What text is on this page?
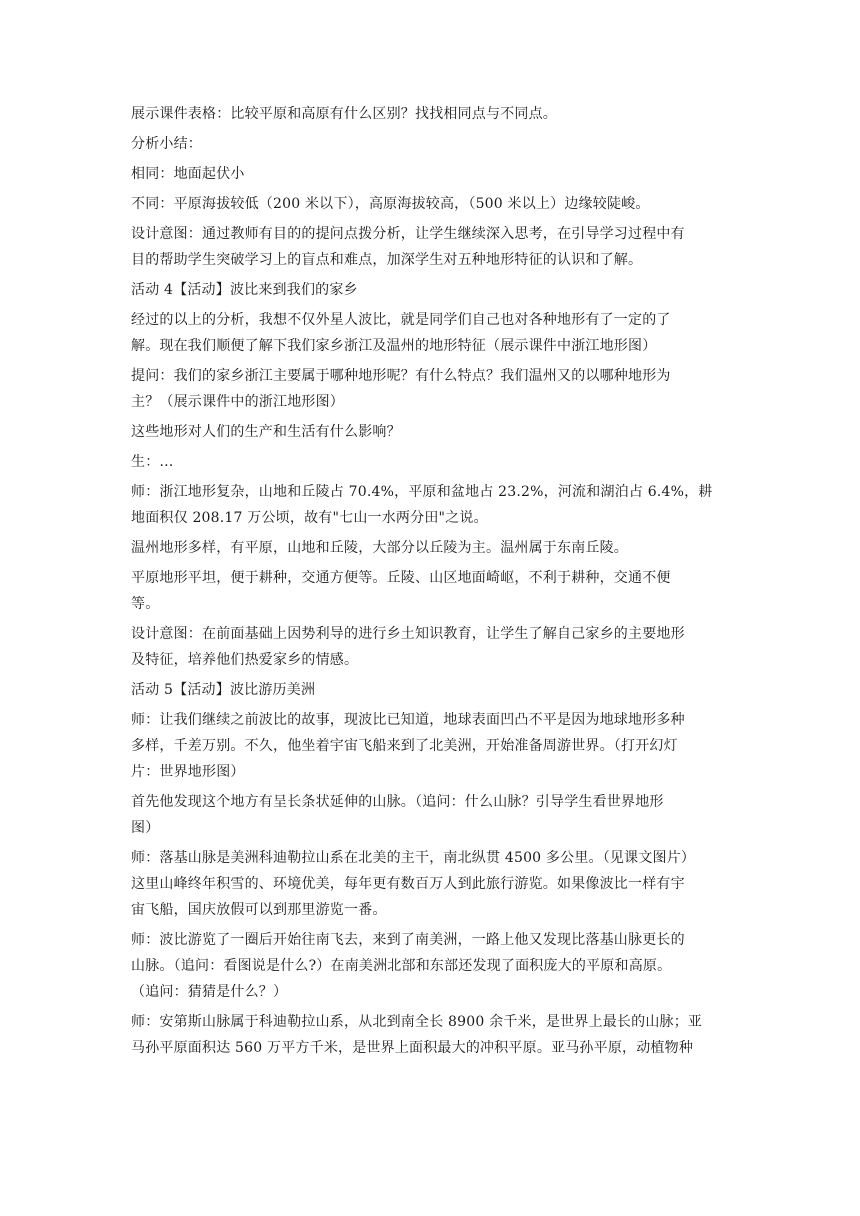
展示课件表格：比较平原和高原有什么区别？找找相同点与不同点。

分析小结：

相同：地面起伏小

不同：平原海拔较低（200 米以下），高原海拔较高，（500 米以上）边缘较陡峻。

设计意图：通过教师有目的的提问点拨分析，让学生继续深入思考，在引导学习过程中有
目的帮助学生突破学习上的盲点和难点，加深学生对五种地形特征的认识和了解。

活动 4【活动】波比来到我们的家乡

经过的以上的分析，我想不仅外星人波比，就是同学们自己也对各种地形有了一定的了
解。现在我们顺便了解下我们家乡浙江及温州的地形特征（展示课件中浙江地形图）

提问：我们的家乡浙江主要属于哪种地形呢？有什么特点？我们温州又的以哪种地形为
主？（展示课件中的浙江地形图）

这些地形对人们的生产和生活有什么影响？

生：…

师：浙江地形复杂，山地和丘陵占 70.4%，平原和盆地占 23.2%，河流和湖泊占 6.4%，耕
地面积仅 208.17 万公顷，故有"七山一水两分田"之说。

温州地形多样，有平原，山地和丘陵，大部分以丘陵为主。温州属于东南丘陵。

平原地形平坦，便于耕种，交通方便等。丘陵、山区地面崎岖，不利于耕种，交通不便
等。

设计意图：在前面基础上因势利导的进行乡土知识教育，让学生了解自己家乡的主要地形
及特征，培养他们热爱家乡的情感。

活动 5【活动】波比游历美洲

师：让我们继续之前波比的故事，现波比已知道，地球表面凹凸不平是因为地球地形多种
多样，千差万别。不久，他坐着宇宙飞船来到了北美洲，开始准备周游世界。（打开幻灯
片：世界地形图）

首先他发现这个地方有呈长条状延伸的山脉。（追问：什么山脉？引导学生看世界地形
图）

师：落基山脉是美洲科迪勒拉山系在北美的主干，南北纵贯 4500 多公里。（见课文图片）
这里山峰终年积雪的、环境优美，每年更有数百万人到此旅行游览。如果像波比一样有宇
宙飞船，国庆放假可以到那里游览一番。

师：波比游览了一圈后开始往南飞去，来到了南美洲，一路上他又发现比落基山脉更长的
山脉。（追问：看图说是什么?）在南美洲北部和东部还发现了面积庞大的平原和高原。
（追问：猜猜是什么？）

师：安第斯山脉属于科迪勒拉山系，从北到南全长 8900 余千米，是世界上最长的山脉；亚
马孙平原面积达 560 万平方千米，是世界上面积最大的冲积平原。亚马孙平原，动植物种
